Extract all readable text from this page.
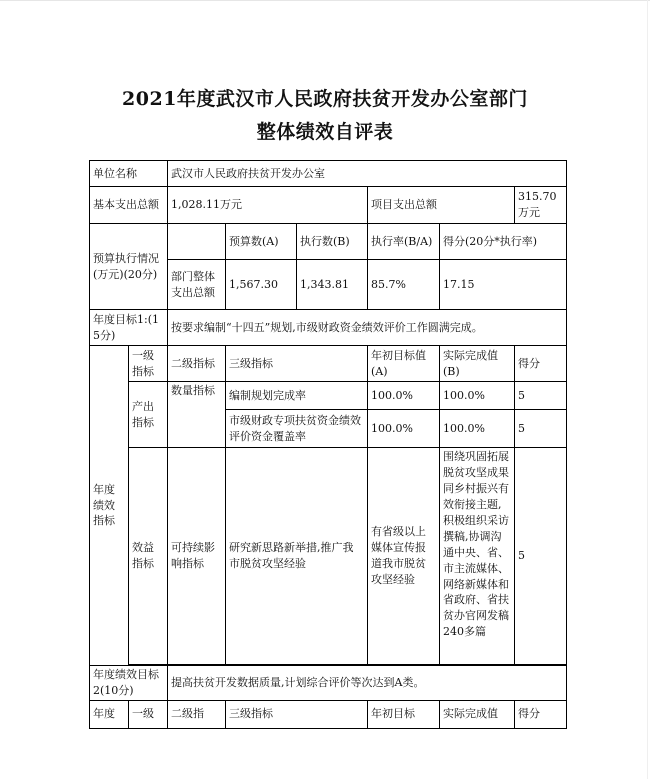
2021年度武汉市人民政府扶贫开发办公室部门
整体绩效自评表
单位名称		武汉市人民政府扶贫开发办公室					
基本支出总额		1,028.11万元			项目支出总额		315.70万元
预算执行情况(万元)(20分)			预算数(A)	执行数(B)	执行率(B/A)	得分(20分*执行率)	
		部门整体支出总额	1,567.30	1,343.81	85.7%	17.15	
年度目标1:(15分)		按要求编制“十四五”规划,市级财政资金绩效评价工作圆满完成。					
年度绩效指标	一级指标	二级指标	三级指标		年初目标值(A)	实际完成值(B)	得分
	产出指标	数量指标	编制规划完成率		100.0%	100.0%	5
			市级财政专项扶贫资金绩效评价资金覆盖率		100.0%	100.0%	5
	效益指标	可持续影响指标	研究新思路新举措,推广我市脱贫攻坚经验		有省级以上媒体宣传报道我市脱贫攻坚经验	围绕巩固拓展脱贫攻坚成果同乡村振兴有效衔接主题,积极组织采访撰稿,协调沟通中央、省、市主流媒体、网络新媒体和省政府、省扶贫办官网发稿240多篇	5

年度绩效目标2(10分)		提高扶贫开发数据质量,计划综合评价等次达到A类。					
年度	一级	二级指	三级指标		年初目标	实际完成值	得分
